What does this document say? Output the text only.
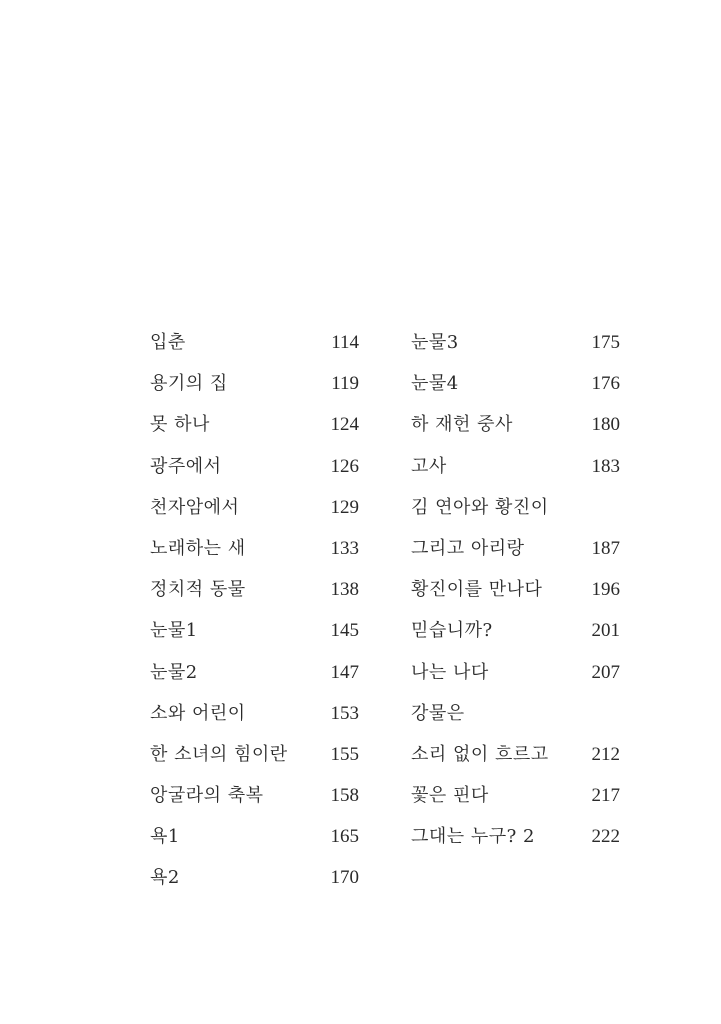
입춘	114
용기의 집	119
못 하나	124
광주에서	126
천자암에서	129
노래하는 새	133
정치적 동물	138
눈물1	145
눈물2	147
소와 어린이	153
한 소녀의 힘이란 155
앙굴라의 축복	158
욕1	165
욕2	170
눈물3	175
눈물4	176
하 재헌 중사	180
고사	183
김 연아와 황진이
그리고 아리랑	187
황진이를 만나다	196
믿습니까?	201
나는 나다	207
강물은
소리 없이 흐르고 212
꽃은 핀다	217
그대는 누구? 2	222
